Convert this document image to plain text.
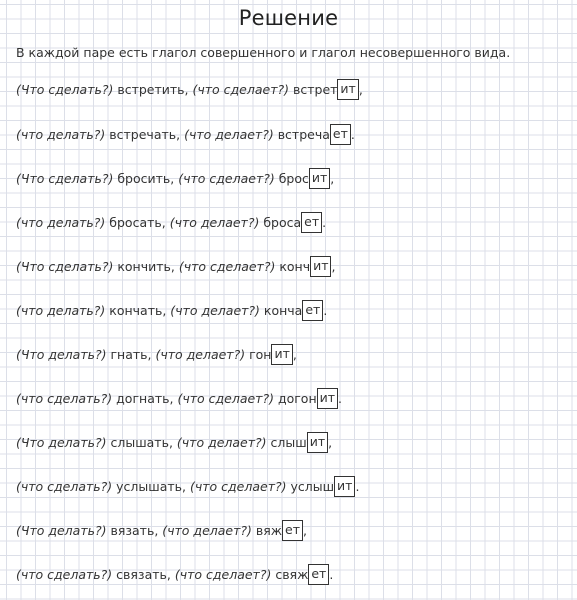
Решение
В каждой паре есть глагол совершенного и глагол несовершенного вида.
(Что сделать?) встретить, (что сделает?) встрет ит ,
(что делать?) встречать, (что делает?) встреча ет .
(Что сделать?) бросить, (что сделает?) брос ит ,
(что делать?) бросать, (что делает?) броса ет .
(Что сделать?) кончить, (что сделает?) конч ит ,
(что делать?) кончать, (что делает?) конча ет .
(Что делать?) гнать, (что делает?) гон ит ,
(что сделать?) догнать, (что сделает?) догон ит .
(Что делать?) слышать, (что делает?) слыш ит ,
(что сделать?) услышать, (что сделает?) услыш ит .
(Что делать?) вязать, (что делает?) вяж ет ,
(что сделать?) связать, (что сделает?) свяж ет .
